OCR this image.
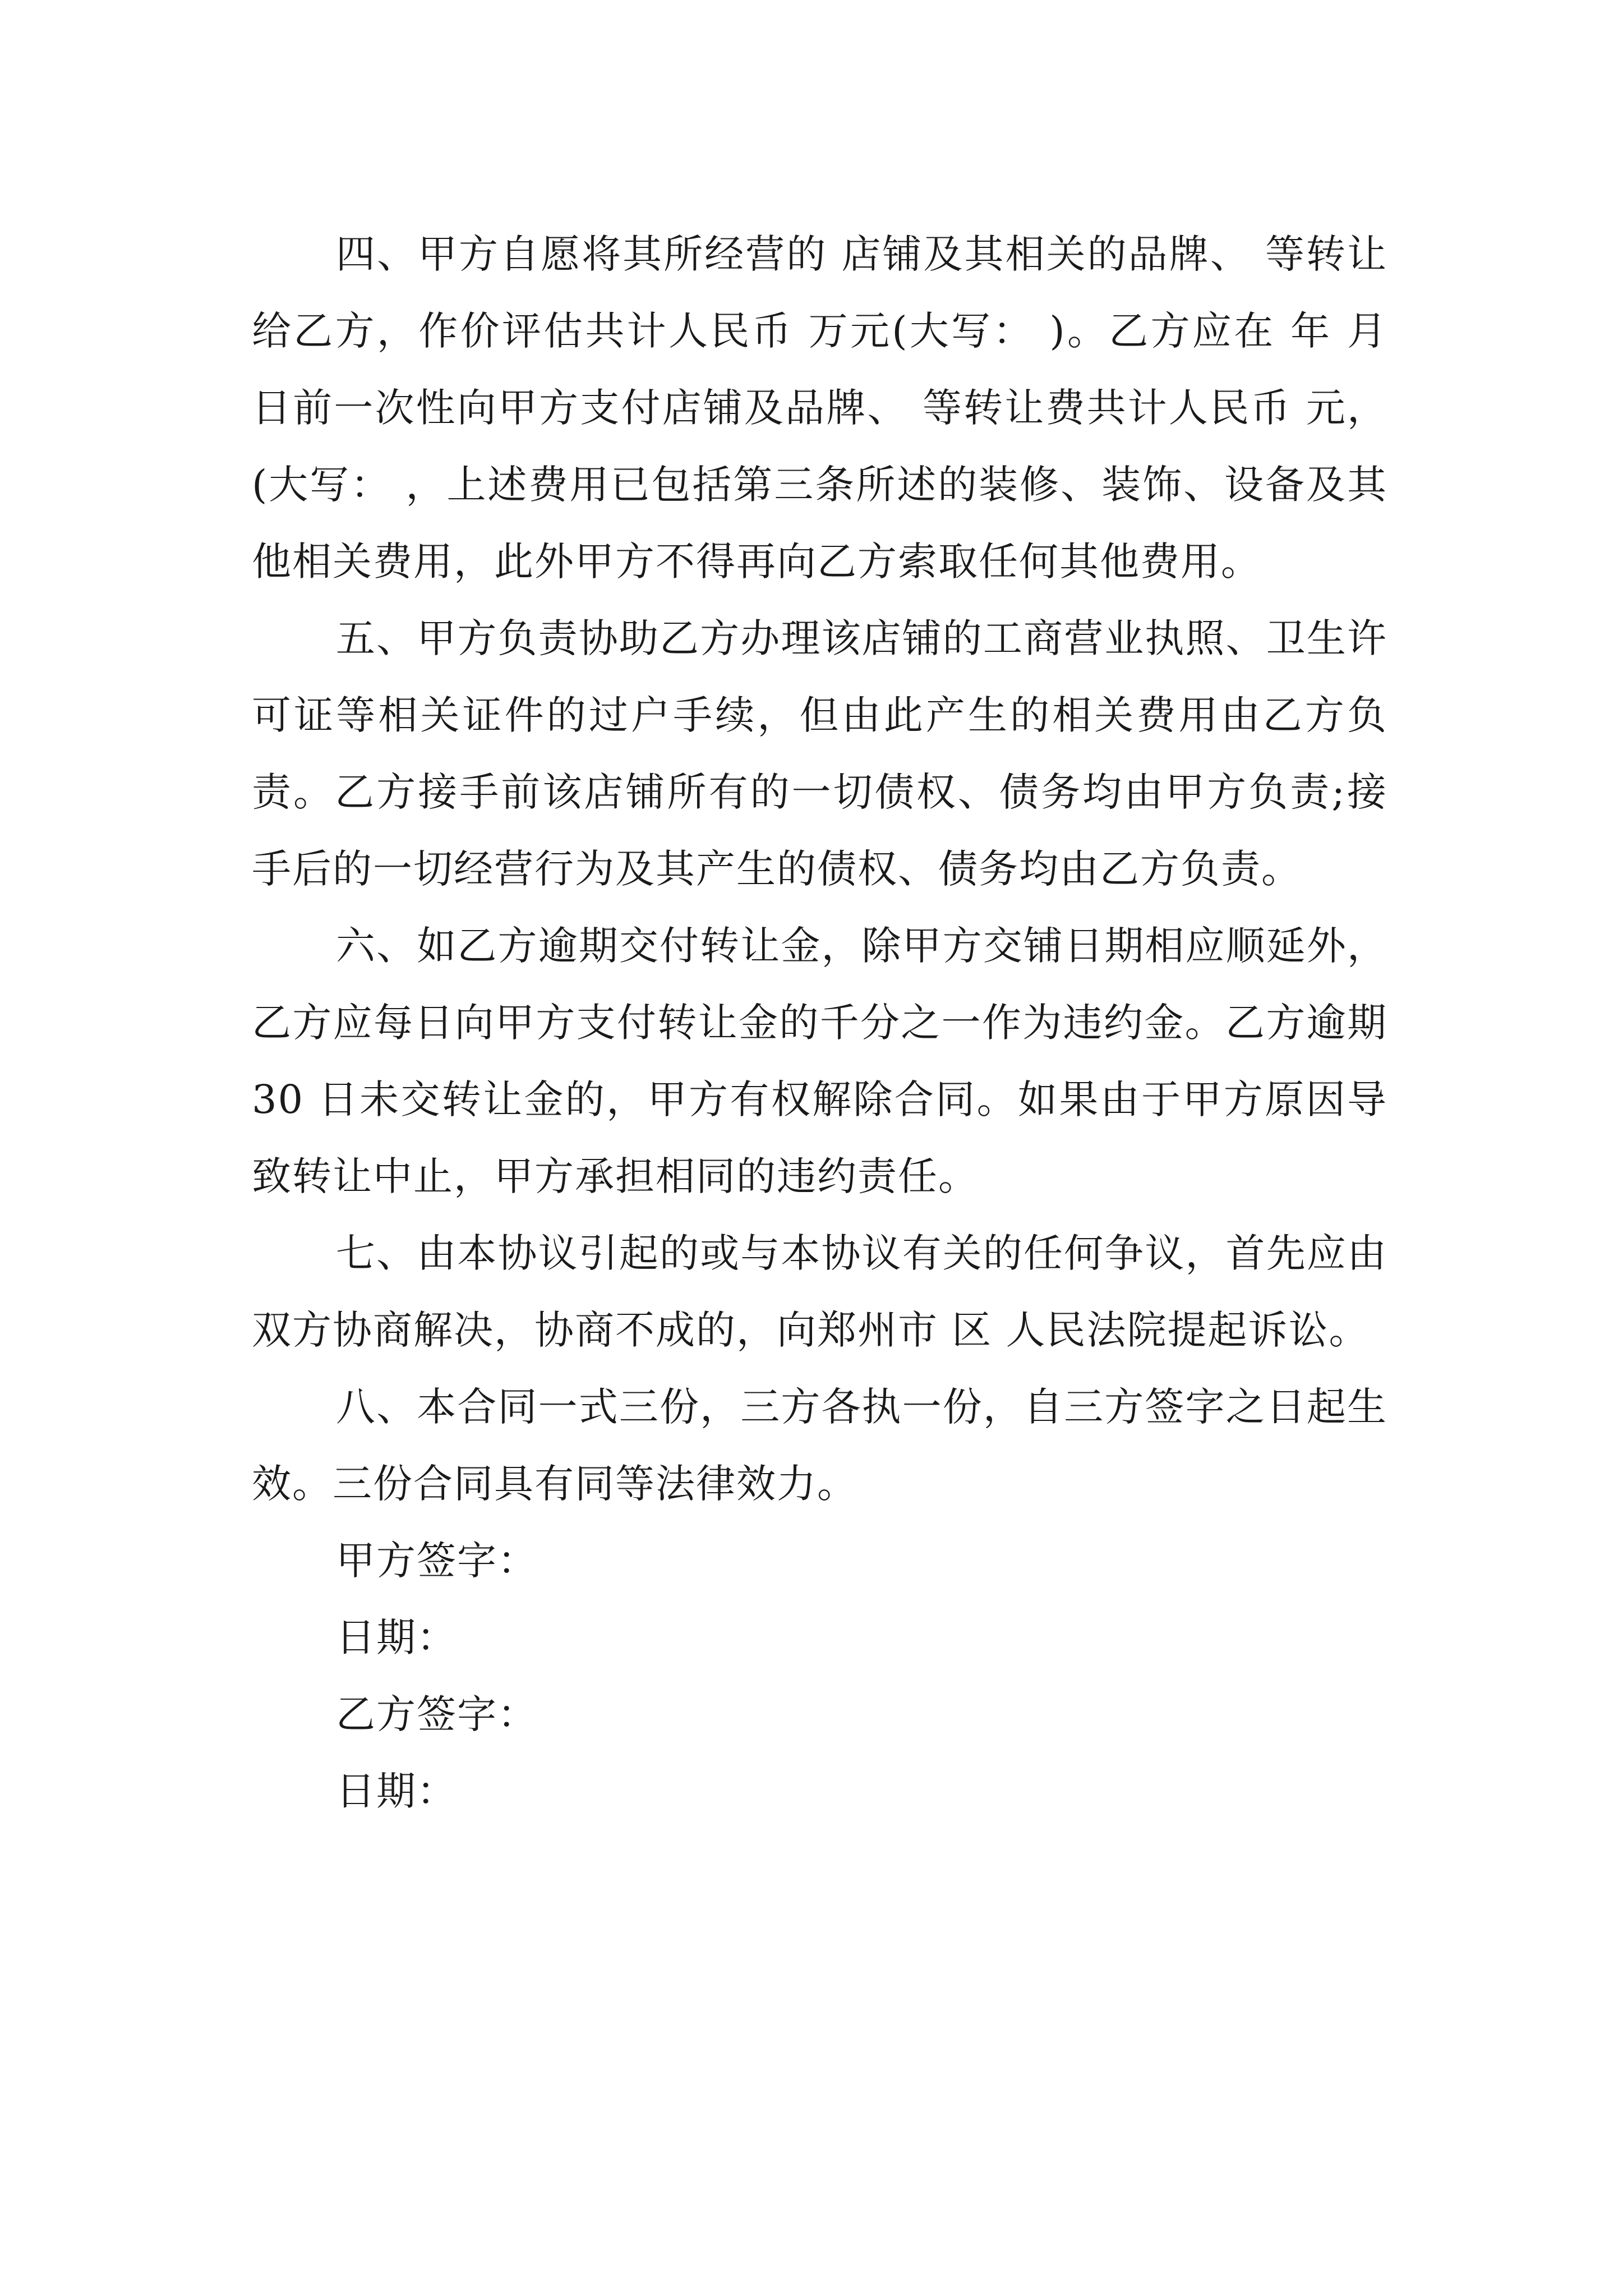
四、甲方自愿将其所经营的 店铺及其相关的品牌、 等转让给乙方，作价评估共计人民币 万元(大写： )。乙方应在 年 月 日前一次性向甲方支付店铺及品牌、 等转让费共计人民币 元，(大写： ，上述费用已包括第三条所述的装修、装饰、设备及其他相关费用，此外甲方不得再向乙方索取任何其他费用。

五、甲方负责协助乙方办理该店铺的工商营业执照、卫生许可证等相关证件的过户手续，但由此产生的相关费用由乙方负责。乙方接手前该店铺所有的一切债权、债务均由甲方负责;接手后的一切经营行为及其产生的债权、债务均由乙方负责。

六、如乙方逾期交付转让金，除甲方交铺日期相应顺延外，乙方应每日向甲方支付转让金的千分之一作为违约金。乙方逾期 30 日未交转让金的，甲方有权解除合同。如果由于甲方原因导致转让中止，甲方承担相同的违约责任。

七、由本协议引起的或与本协议有关的任何争议，首先应由双方协商解决，协商不成的，向郑州市 区 人民法院提起诉讼。

八、本合同一式三份，三方各执一份，自三方签字之日起生效。三份合同具有同等法律效力。

甲方签字：

日期：

乙方签字：

日期：
